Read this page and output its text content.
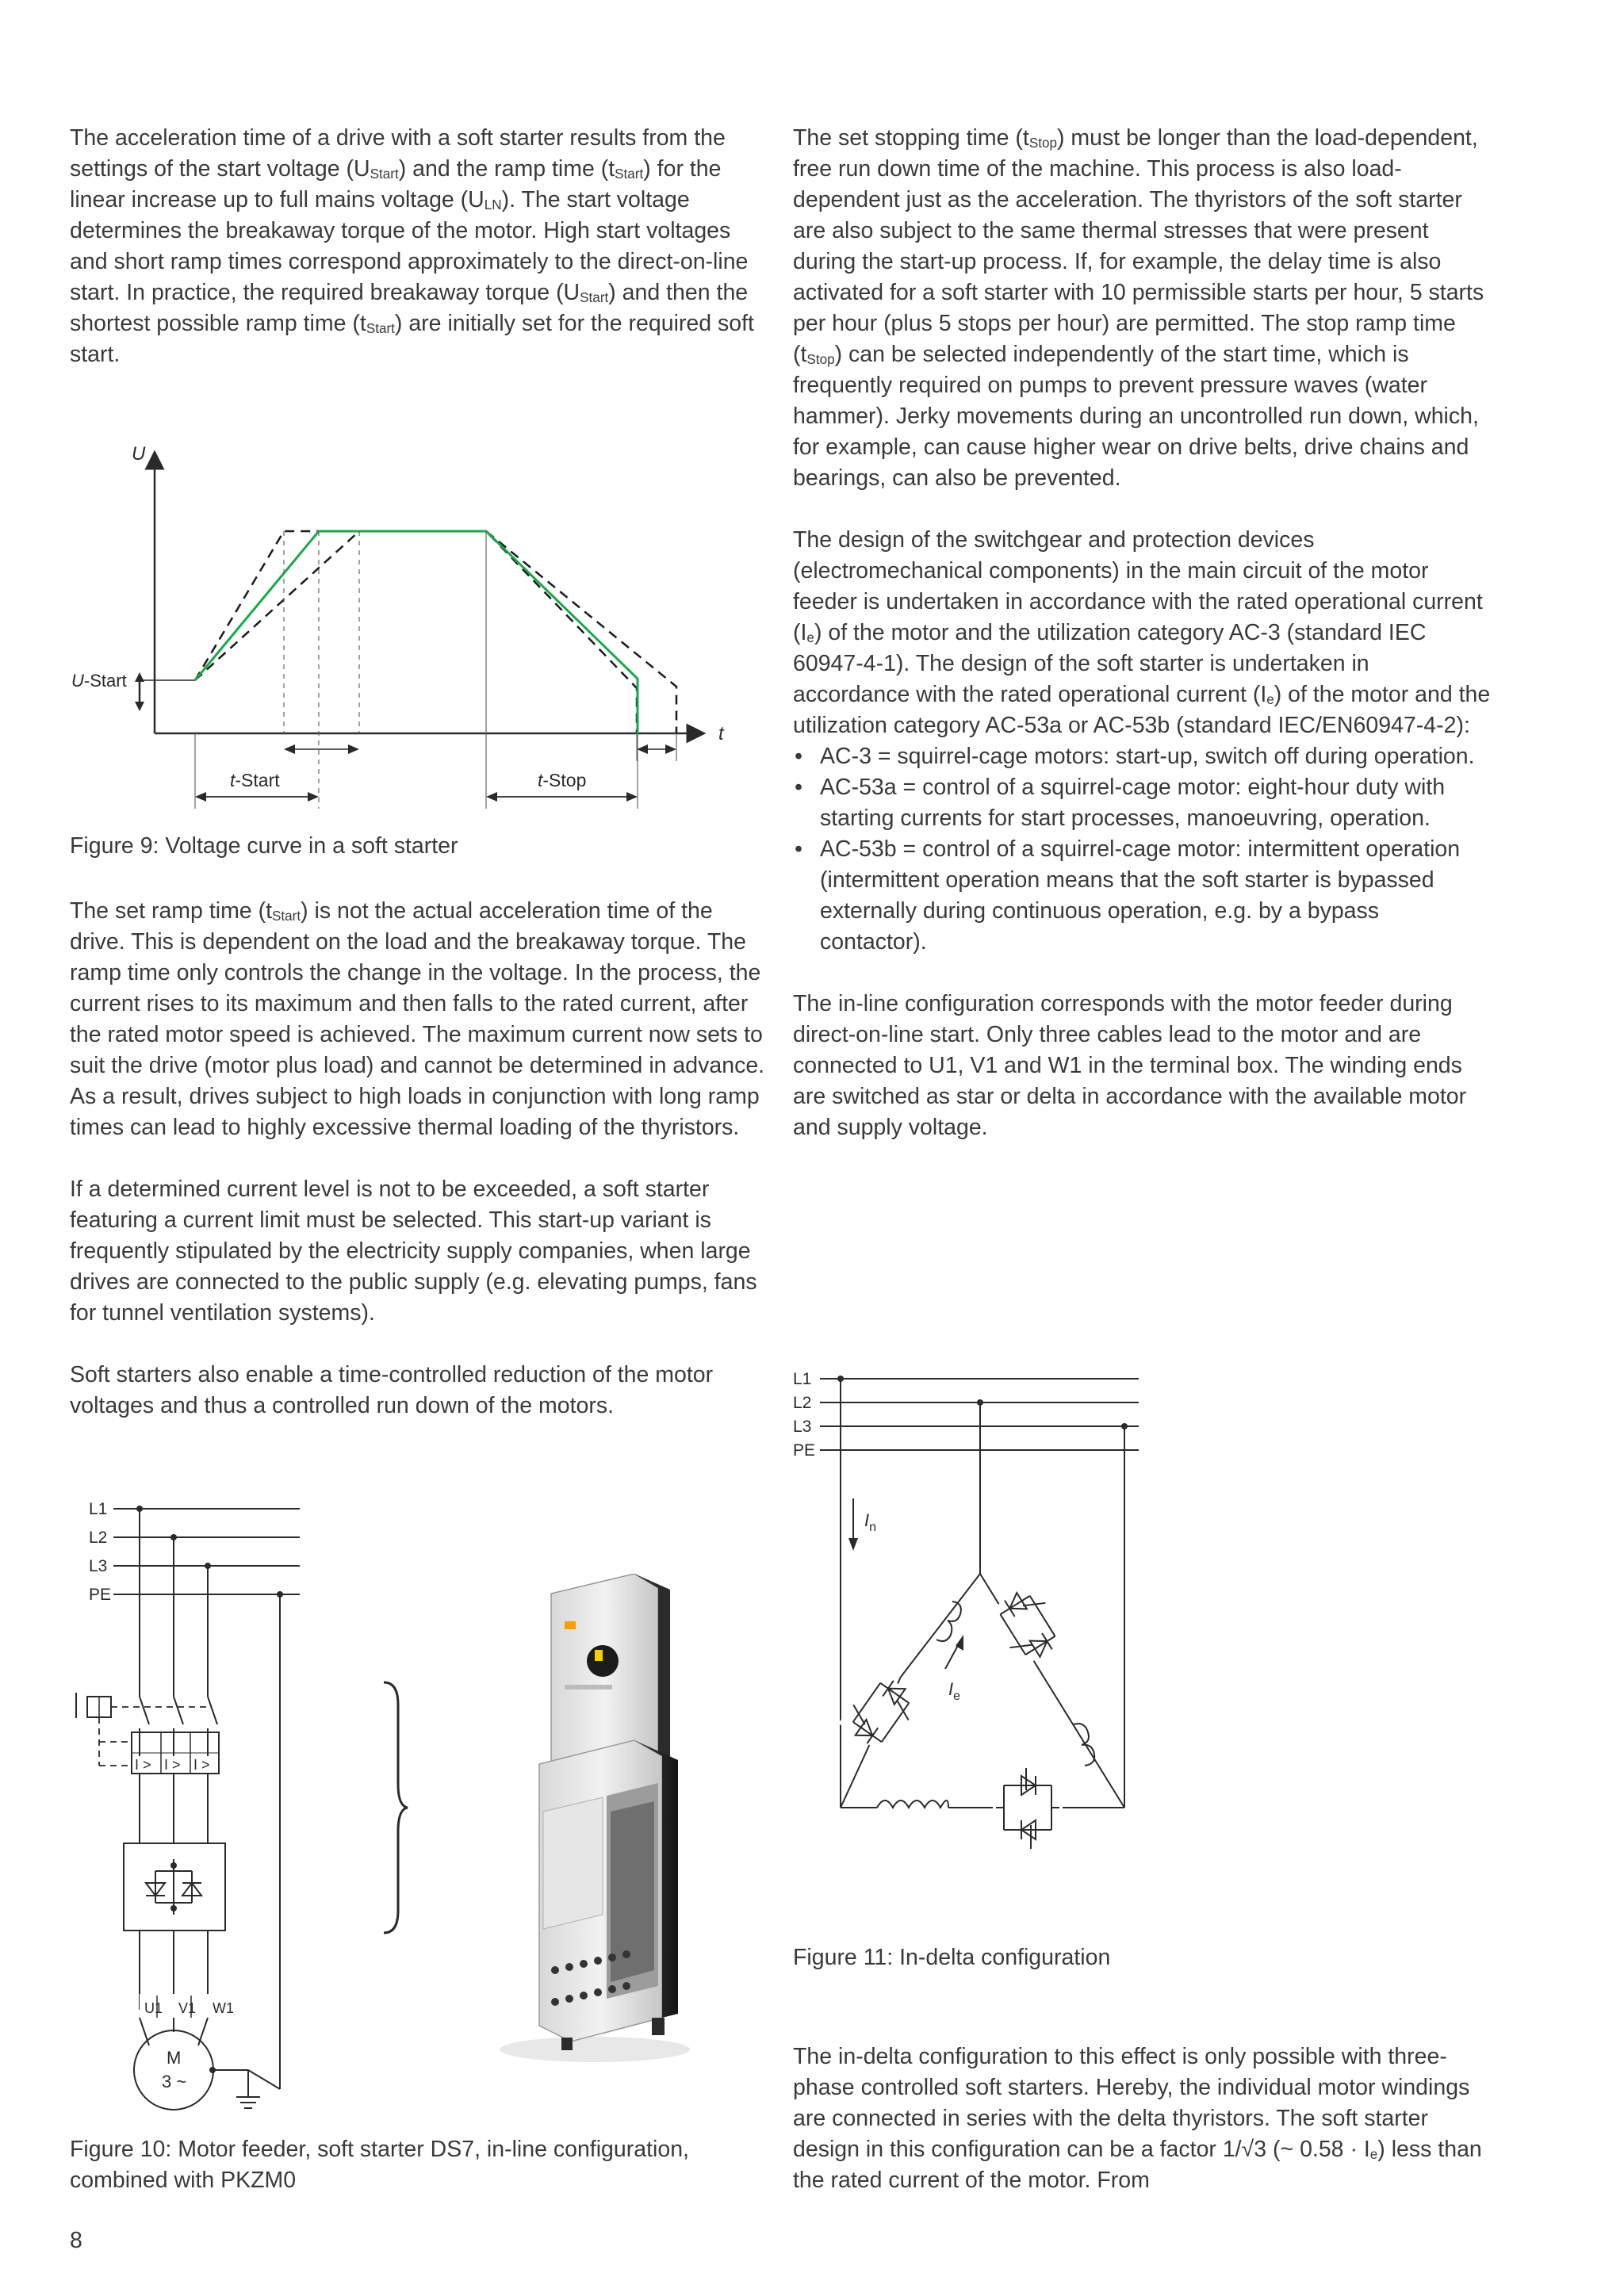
The acceleration time of a drive with a soft starter results from the settings of the start voltage $(U_{Start})$ and the ramp time $(t_{Start})$ for the linear increase up to full mains voltage $(U_{LN})$. The start voltage determines the breakaway torque of the motor. High start voltages and short ramp times correspond approximately to the direct-on-line start. In practice, the required breakaway torque $(U_{Start})$ and then the shortest possible ramp time $(t_{Start})$ are initially set for the required soft start.

U
t
U-Start
t-Start	t-Stop
Figure 9: Voltage curve in a soft starter

The set ramp time $(t_{Start})$ is not the actual acceleration time of the drive. This is dependent on the load and the breakaway torque. The ramp time only controls the change in the voltage. In the process, the current rises to its maximum and then falls to the rated current, after the rated motor speed is achieved. The maximum current now sets to suit the drive (motor plus load) and cannot be determined in advance. As a result, drives subject to high loads in conjunction with long ramp times can lead to highly excessive thermal loading of the thyristors.

If a determined current level is not to be exceeded, a soft starter featuring a current limit must be selected. This start-up variant is frequently stipulated by the electricity supply companies, when large drives are connected to the public supply (e.g. elevating pumps, fans for tunnel ventilation systems).

Soft starters also enable a time-controlled reduction of the motor voltages and thus a controlled run down of the motors.

L1
L2
L3
PE
I > I > I >
U1 V1 W1
M
3 ~
Figure 10: Motor feeder, soft starter DS7, in-line configuration,
combined with PKZM0

The set stopping time $(t_{Stop})$ must be longer than the load-dependent, free run down time of the machine. This process is also load-dependent just as the acceleration. The thyristors of the soft starter are also subject to the same thermal stresses that were present during the start-up process. If, for example, the delay time is also activated for a soft starter with 10 permissible starts per hour, 5 starts per hour (plus 5 stops per hour) are permitted. The stop ramp time $(t_{Stop})$ can be selected independently of the start time, which is frequently required on pumps to prevent pressure waves (water hammer). Jerky movements during an uncontrolled run down, which, for example, can cause higher wear on drive belts, drive chains and bearings, can also be prevented.

The design of the switchgear and protection devices (electromechanical components) in the main circuit of the motor feeder is undertaken in accordance with the rated operational current $(I_e)$ of the motor and the utilization category AC-3 (standard IEC 60947-4-1). The design of the soft starter is undertaken in accordance with the rated operational current $(I_e)$ of the motor and the utilization category AC-53a or AC-53b (standard IEC/EN60947-4-2):

• AC-3 = squirrel-cage motors: start-up, switch off during operation.
• AC-53a = control of a squirrel-cage motor: eight-hour duty with starting currents for start processes, manoeuvring, operation.
• AC-53b = control of a squirrel-cage motor: intermittent operation (intermittent operation means that the soft starter is bypassed externally during continuous operation, e.g. by a bypass contactor).

The in-line configuration corresponds with the motor feeder during direct-on-line start. Only three cables lead to the motor and are connected to U1, V1 and W1 in the terminal box. The winding ends are switched as star or delta in accordance with the available motor and supply voltage.

L1
L2
L3
PE
$I_n$
$I_e$
Figure 11: In-delta configuration

The in-delta configuration to this effect is only possible with three-phase controlled soft starters. Hereby, the individual motor windings are connected in series with the delta thyristors. The soft starter design in this configuration can be a factor 1/√3 (~ $0.58 \cdot I_e$) less than the rated current of the motor. From

8
